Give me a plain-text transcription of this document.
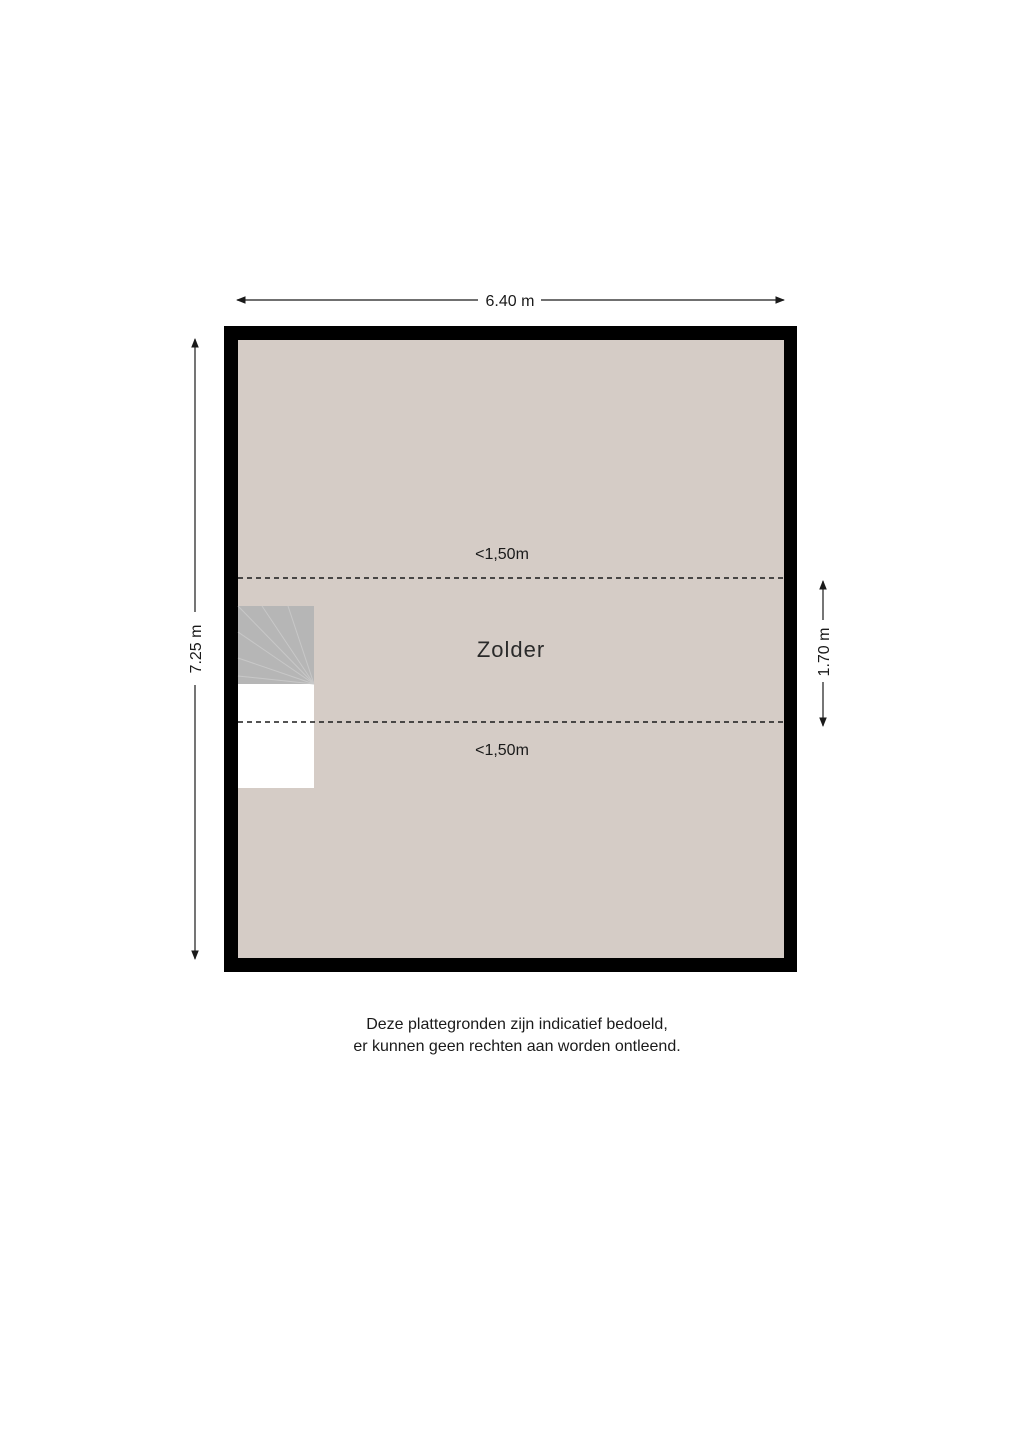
<1,50m
<1,50m
Zolder
6.40 m
7.25 m	1.70 m
Deze plattegronden zijn indicatief bedoeld,
er kunnen geen rechten aan worden ontleend.
